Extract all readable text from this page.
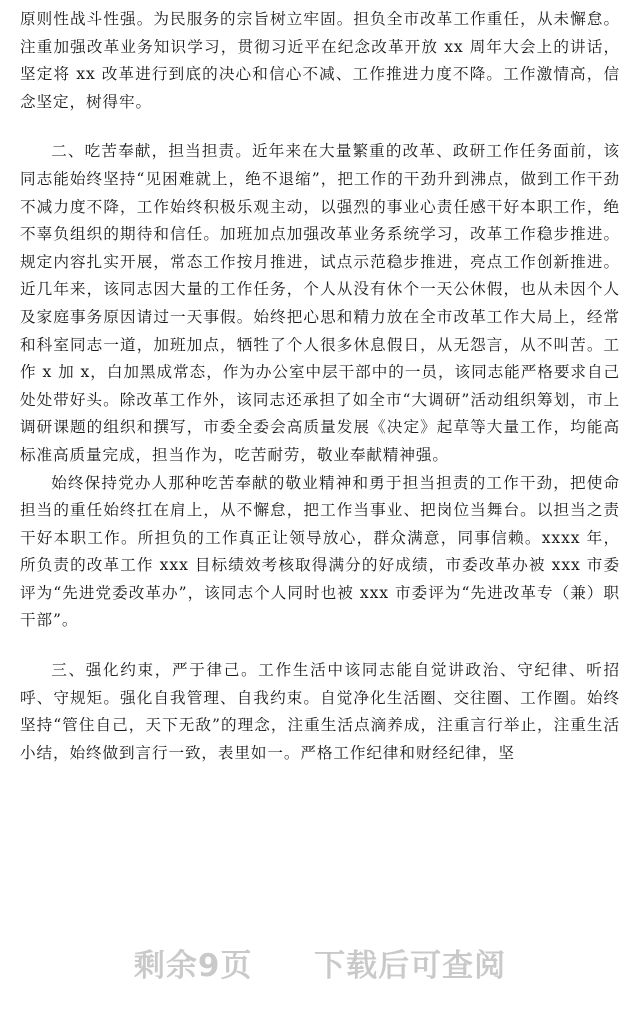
原则性战斗性强。为民服务的宗旨树立牢固。担负全市改革工作重任，从未懈怠。注重加强改革业务知识学习，贯彻习近平在纪念改革开放 xx 周年大会上的讲话，坚定将 xx 改革进行到底的决心和信心不减、工作推进力度不降。工作激情高，信念坚定，树得牢。

二、吃苦奉献，担当担责。近年来在大量繁重的改革、政研工作任务面前，该同志能始终坚持“见困难就上，绝不退缩”，把工作的干劲升到沸点，做到工作干劲不减力度不降，工作始终积极乐观主动，以强烈的事业心责任感干好本职工作，绝不辜负组织的期待和信任。加班加点加强改革业务系统学习，改革工作稳步推进。规定内容扎实开展，常态工作按月推进，试点示范稳步推进，亮点工作创新推进。近几年来，该同志因大量的工作任务，个人从没有休个一天公休假，也从未因个人及家庭事务原因请过一天事假。始终把心思和精力放在全市改革工作大局上，经常和科室同志一道，加班加点，牺牲了个人很多休息假日，从无怨言，从不叫苦。工作 x 加 x，白加黑成常态，作为办公室中层干部中的一员，该同志能严格要求自己处处带好头。除改革工作外，该同志还承担了如全市“大调研”活动组织筹划，市上调研课题的组织和撰写，市委全委会高质量发展《决定》起草等大量工作，均能高标准高质量完成，担当作为，吃苦耐劳，敬业奉献精神强。

始终保持党办人那种吃苦奉献的敬业精神和勇于担当担责的工作干劲，把使命担当的重任始终扛在肩上，从不懈怠，把工作当事业、把岗位当舞台。以担当之责干好本职工作。所担负的工作真正让领导放心，群众满意，同事信赖。xxxx 年，所负责的改革工作 xxx 目标绩效考核取得满分的好成绩，市委改革办被 xxx 市委评为“先进党委改革办”，该同志个人同时也被 xxx 市委评为“先进改革专（兼）职干部”。

三、强化约束，严于律己。工作生活中该同志能自觉讲政治、守纪律、听招呼、守规矩。强化自我管理、自我约束。自觉净化生活圈、交往圈、工作圈。始终坚持“管住自己，天下无敌”的理念，注重生活点滴养成，注重言行举止，注重生活小结，始终做到言行一致，表里如一。严格工作纪律和财经纪律，坚

剩余9页 下载后可查阅
